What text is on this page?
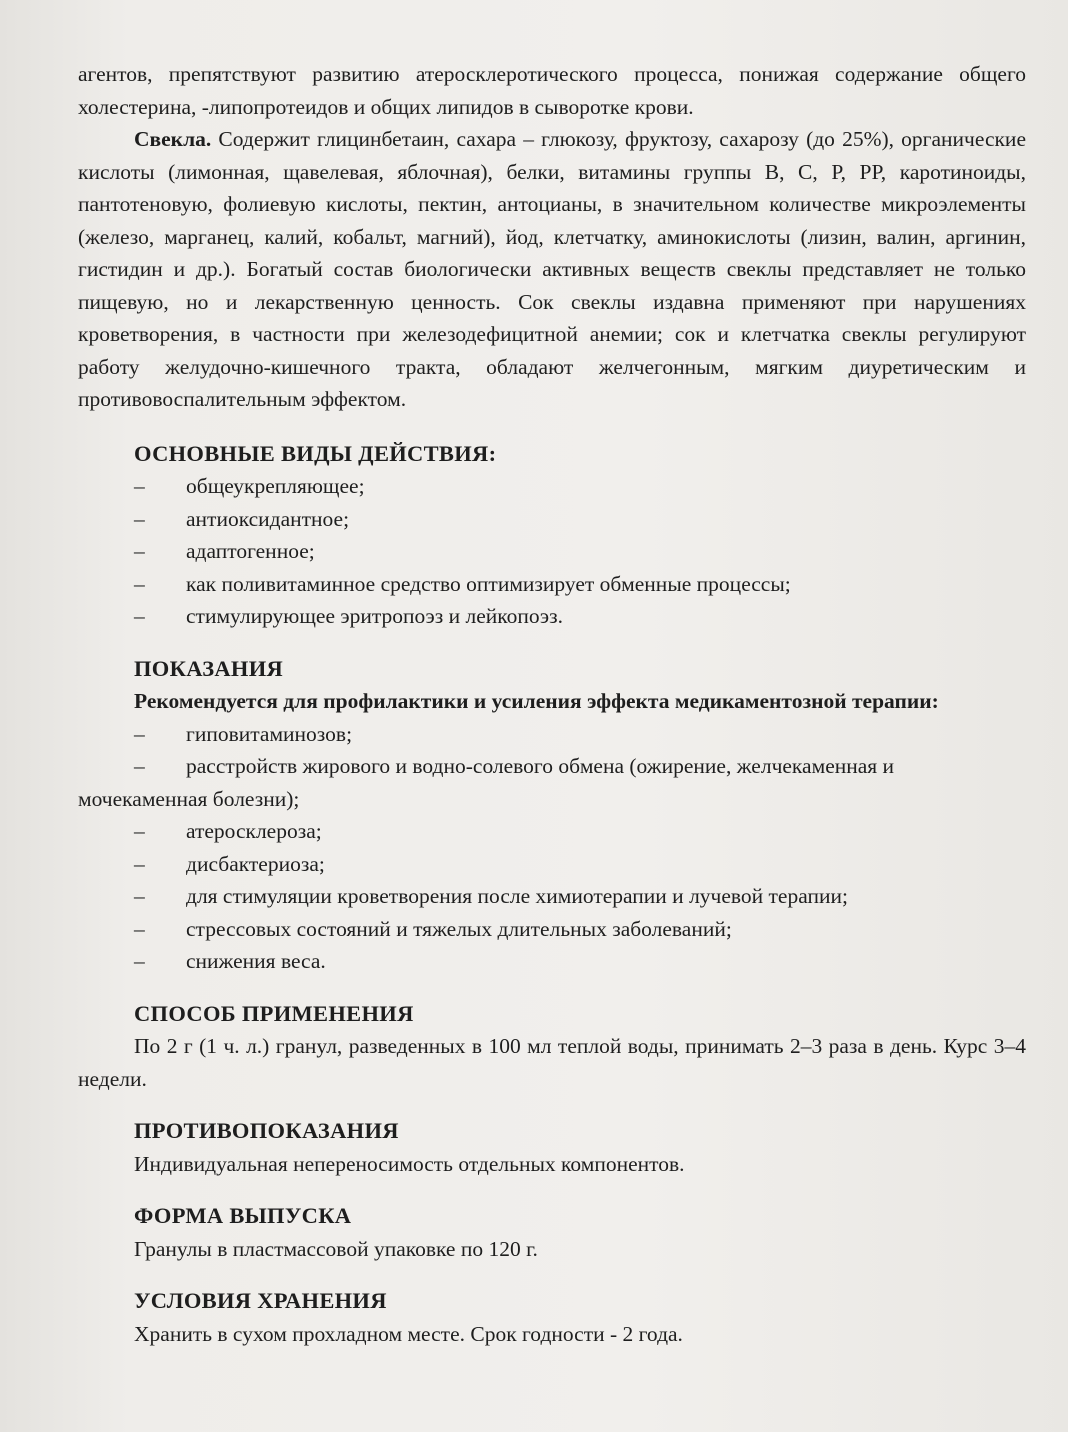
агентов, препятствуют развитию атеросклеротического процесса, понижая содержание общего холестерина, -липопротеидов и общих липидов в сыворотке крови.

Свекла. Содержит глицинбетаин, сахара – глюкозу, фруктозу, сахарозу (до 25%), органические кислоты (лимонная, щавелевая, яблочная), белки, витамины группы В, С, Р, РР, каротиноиды, пантотеновую, фолиевую кислоты, пектин, антоцианы, в значительном количестве микроэлементы (железо, марганец, калий, кобальт, магний), йод, клетчатку, аминокислоты (лизин, валин, аргинин, гистидин и др.). Богатый состав биологически активных веществ свеклы представляет не только пищевую, но и лекарственную ценность. Сок свеклы издавна применяют при нарушениях кроветворения, в частности при железодефицитной анемии; сок и клетчатка свеклы регулируют работу желудочно-кишечного тракта, обладают желчегонным, мягким диуретическим и противовоспалительным эффектом.

ОСНОВНЫЕ ВИДЫ ДЕЙСТВИЯ:
– общеукрепляющее;
– антиоксидантное;
– адаптогенное;
– как поливитаминное средство оптимизирует обменные процессы;
– стимулирующее эритропоэз и лейкопоэз.
ПОКАЗАНИЯ

Рекомендуется для профилактики и усиления эффекта медикаментозной терапии:

– гиповитаминозов;
– расстройств жирового и водно-солевого обмена (ожирение, желчекаменная и мочекаменная болезни);
– атеросклероза;
– дисбактериоза;
– для стимуляции кроветворения после химиотерапии и лучевой терапии;
– стрессовых состояний и тяжелых длительных заболеваний;
– снижения веса.
СПОСОБ ПРИМЕНЕНИЯ

По 2 г (1 ч. л.) гранул, разведенных в 100 мл теплой воды, принимать 2–3 раза в день. Курс 3–4 недели.

ПРОТИВОПОКАЗАНИЯ

Индивидуальная непереносимость отдельных компонентов.

ФОРМА ВЫПУСКА

Гранулы в пластмассовой упаковке по 120 г.

УСЛОВИЯ ХРАНЕНИЯ

Хранить в сухом прохладном месте. Срок годности - 2 года.
